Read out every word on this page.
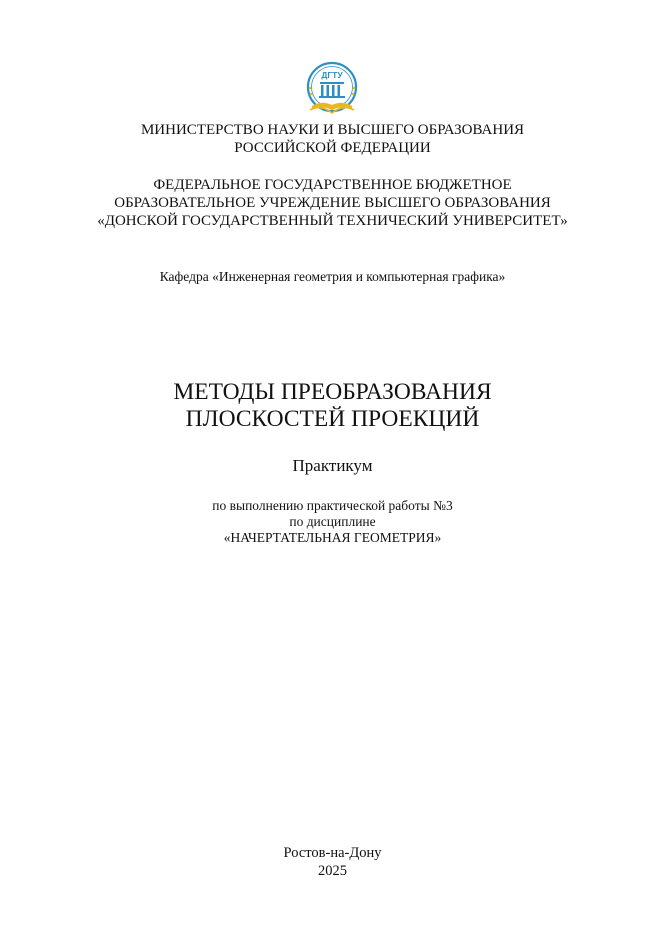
ДГТУ
МИНИСТЕРСТВО НАУКИ И ВЫСШЕГО ОБРАЗОВАНИЯ
РОССИЙСКОЙ ФЕДЕРАЦИИ
ФЕДЕРАЛЬНОЕ ГОСУДАРСТВЕННОЕ БЮДЖЕТНОЕ
ОБРАЗОВАТЕЛЬНОЕ УЧРЕЖДЕНИЕ ВЫСШЕГО ОБРАЗОВАНИЯ
«ДОНСКОЙ ГОСУДАРСТВЕННЫЙ ТЕХНИЧЕСКИЙ УНИВЕРСИТЕТ»
Кафедра «Инженерная геометрия и компьютерная графика»
МЕТОДЫ ПРЕОБРАЗОВАНИЯ
ПЛОСКОСТЕЙ ПРОЕКЦИЙ
Практикум
по выполнению практической работы №3
по дисциплине
«НАЧЕРТАТЕЛЬНАЯ ГЕОМЕТРИЯ»
Ростов-на-Дону
2025
